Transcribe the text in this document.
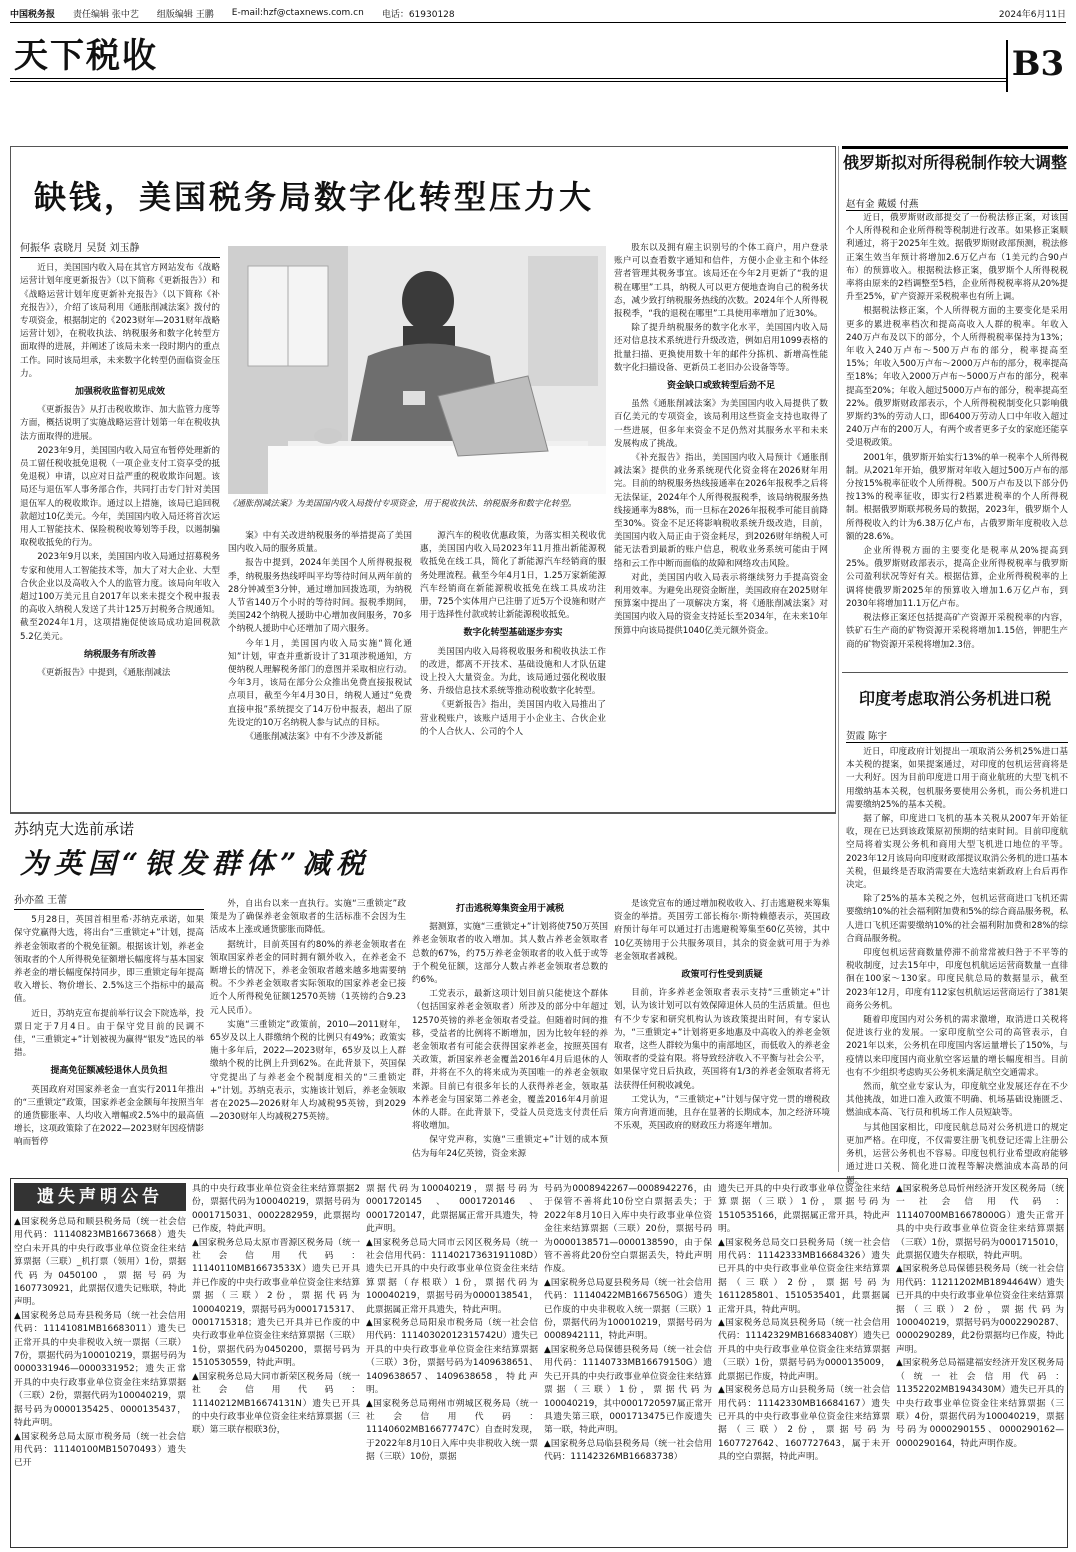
中国税务报 责任编辑 张中艺 组版编辑 王鹏 E-mail:hzf@ctaxnews.com.cn 电话：61930128	2024年6月11日
天下税收	B3
缺钱，美国税务局数字化转型压力大
何振华 袁晓月 吴贤 刘玉静

近日，美国国内收入局在其官方网站发布《战略运营计划年度更新报告》（以下简称《更新报告》）和《战略运营计划年度更新补充报告》（以下简称《补充报告》），介绍了该局利用《通胀削减法案》拨付的专项资金，根据制定的《2023财年—2031财年战略运营计划》，在税收执法、纳税服务和数字化转型方面取得的进展，并阐述了该局未来一段时期内的重点工作。同时该局坦承，未来数字化转型仍面临资金压力。

加强税收监督初见成效

《更新报告》从打击税收欺诈、加大监管力度等方面，概括说明了实施战略运营计划第一年在税收执法方面取得的进展。

2023年9月，美国国内收入局宣布暂停处理新的员工留任税收抵免退税（一项企业支付工资享受的抵免退税）申请，以应对日益严重的税收欺诈问题。该局还与退伍军人事务部合作，共同打击专门针对美国退伍军人的税收欺诈。通过以上措施，该局已追回税款超过10亿美元。今年，美国国内收入局还将首次运用人工智能技术、保险税税收筹划等手段，以遏制骗取税收抵免的行为。

2023年9月以来，美国国内收入局通过招募税务专家和使用人工智能技术等，加大了对大企业、大型合伙企业以及高收入个人的监管力度。该局向年收入超过100万美元且自2017年以来未提交个税申报表的高收入纳税人发送了共计125万封税务合规通知。截至2024年1月，这项措施促使该局成功追回税款5.2亿美元。

纳税服务有所改善

《更新报告》中提到，《通胀削减法

《通胀削减法案》为美国国内收入局拨付专项资金，用于税收执法、纳税服务和数字化转型。

案》中有关改进纳税服务的举措提高了美国国内收入局的服务质量。

报告中提到，2024年美国个人所得税报税季，纳税服务热线呼叫平均等待时间从两年前的28分钟减至3分钟，通过增加回拨选项，为纳税人节省140万个小时的等待时间。报税季期间，美国242个纳税人援助中心增加夜间服务，70多个纳税人援助中心还增加了周六服务。

今年1月，美国国内收入局实施“简化通知”计划，审查并重新设计了31项涉税通知，方便纳税人理解税务部门的意图并采取相应行动。今年3月，该局在部分公众推出免费直接报税试点项目，截至今年4月30日，纳税人通过“免费直接申报”系统提交了14万份申报表，超出了原先设定的10万名纳税人参与试点的目标。

《通胀削减法案》中有不少涉及新能

源汽车的税收优惠政策，为落实相关税收优惠，美国国内收入局2023年11月推出新能源税收抵免在线工具，简化了新能源汽车经销商的服务处理流程。截至今年4月1日，1.25万家新能源汽车经销商在新能源税收抵免在线工具成功注册，725个实体用户已注册了近5万个设施和财产用于选择性付款或转让新能源税收抵免。

数字化转型基础逐步夯实

美国国内收入局将税收服务和税收执法工作的改进，都离不开技术、基础设施和人才队伍建设上投入大量资金。为此，该局通过强化税收服务、升级信息技术系统等推动税收数字化转型。

《更新报告》指出，美国国内收入局推出了营业税账户，该账户适用于小企业主、合伙企业的个人合伙人、公司的个人

股东以及拥有雇主识别号的个体工商户，用户登录账户可以查看数字通知和信件，方便小企业主和个体经营者管理其税务事宜。该局还在今年2月更新了“我的退税在哪里”工具，纳税人可以更方便地查询自己的税务状态，减少致打纳税服务热线的次数。2024年个人所得税报税季，“我的退税在哪里”工具使用率增加了近30%。

除了提升纳税服务的数字化水平，美国国内收入局还对信息技术系统进行升级改造，例如启用1099表格的批量扫描、更换使用数十年的邮件分拣机、新增高性能数字化扫描设备、更新员工老旧办公设备等等。

资金缺口或致转型后劲不足

虽然《通胀削减法案》为美国国内收入局提供了数百亿美元的专项资金，该局利用这些资金支持也取得了一些进展，但多年来资金不足仍然对其服务水平和未来发展构成了挑战。

《补充报告》指出，美国国内收入局预计《通胀削减法案》提供的业务系统现代化资金将在2026财年用完。目前的纳税服务热线接通率在2026年报税季之后将无法保证，2024年个人所得税报税季，该局纳税服务热线接通率为88%，而一旦标在2026年报税季可能目前降至30%。资金不足还将影响税收系统升级改造，目前，美国国内收入局正由于资金耗尽，到2026财年纳税人可能无法看到最新的账户信息，税收业务系统可能由于网络和云工作中断而面临的故障和网络攻击风险。

对此，美国国内收入局表示将继续努力手提高资金利用效率。为避免出现资金断崖，美国政府在2025财年预算案中提出了一项解决方案，将《通胀削减法案》对美国国内收入局的资金支持延长至2034年，在未来10年预算中向该局提供1040亿美元额外资金。

俄罗斯拟对所得税制作较大调整
赵有金 戴媛 付燕

近日，俄罗斯财政部提交了一份税法修正案，对该国个人所得税和企业所得税等税制进行改革。如果修正案顺利通过，将于2025年生效。据俄罗斯财政部预测，税法修正案生效当年预计将增加2.6万亿卢布（1美元约合90卢布）的预算收入。根据税法修正案，俄罗斯个人所得税税率将由原来的2档调整至5档，企业所得税税率将从20%提升至25%，矿产资源开采税税率也有所上调。

根据税法修正案，个人所得税方面的主要变化是采用更多的累进税率档次和提高高收入人群的税率。年收入240万卢布及以下的部分，个人所得税税率保持为13%；年收入240万卢布～500万卢布的部分，税率提高至15%；年收入500万卢布～2000万卢布的部分，税率提高至18%；年收入2000万卢布～5000万卢布的部分，税率提高至20%；年收入超过5000万卢布的部分，税率提高至22%。俄罗斯财政部表示，个人所得税税制变化只影响俄罗斯约3%的劳动人口，即6400万劳动人口中年收入超过240万卢布的200万人，有两个或者更多子女的家庭还能享受退税政策。

2001年，俄罗斯开始实行13%的单一税率个人所得税制。从2021年开始，俄罗斯对年收入超过500万卢布的部分按15%税率征收个人所得税。500万卢布及以下部分仍按13%的税率征收，即实行2档累进税率的个人所得税制。根据俄罗斯联邦税务局的数据，2023年，俄罗斯个人所得税收入约计为6.38万亿卢布，占俄罗斯年度税收入总额的28.6%。

企业所得税方面的主要变化是税率从20%提高到25%。俄罗斯财政部表示，提高企业所得税税率与俄罗斯公司盈利状况等好有关。根据估算，企业所得税税率的上调将使俄罗斯2025年的预算收入增加1.6万亿卢布，到2030年将增加11.1万亿卢布。

税法修正案还包括提高矿产资源开采税税率的内容，铁矿石生产商的矿物资源开采税将增加1.15倍，钾肥生产商的矿物资源开采税将增加2.3倍。

印度考虑取消公务机进口税
贺霞 陈宇

近日，印度政府计划提出一项取消公务机25%进口基本关税的提案，如果提案通过，对印度的包机运营商将是一大利好。因为目前印度进口用于商业航班的大型飞机不用缴纳基本关税，包机服务要使用公务机，而公务机进口需要缴纳25%的基本关税。

据了解，印度进口飞机的基本关税从2007年开始征收，现在已达到该政策原初预期的结束时间。目前印度航空局将着实现公务机和商用大型飞机进口地位的平等。2023年12月该局向印度财政部提议取消公务机的进口基本关税，但最终是否取消需要在大选结束新政府上台后再作决定。

除了25%的基本关税之外，包机运营商进口飞机还需要缴纳10%的社会福利附加费和5%的综合商品服务税，私人进口飞机还需要缴纳10%的社会福利附加费和28%的综合商品服务税。

印度包机运营商数量停滞不前常常被归咎于不平等的税收制度，过去15年中，印度包机航运运营商数量一直徘徊在100家～130家。印度民航总局的数据显示，截至2023年12月，印度有112家包机航运运营商运行了381架商务公务机。

随着印度国内对公务机的需求激增，取消进口关税将促进该行业的发展。一家印度航空公司的高管表示，自2021年以来，公务机在印度国内客运量增长了150%，与疫情以来印度国内商业航空客运量的增长幅度相当。目前也有不少组织考虑购买公务机来满足航空交通需求。

然而，航空业专家认为，印度航空业发展还存在不少其他挑战，如进口准入政策不明确、机场基础设施匮乏、燃油成本高、飞行员和机场工作人员短缺等。

与其他国家相比，印度民航总局对公务机进口的规定更加严格。在印度，不仅需要注册飞机登记还需上注册公务机，运营公务机也不容易。印度包机行业希望政府能够通过进口关税、简化进口流程等解决燃油成本高昂的问题。

苏纳克大选前承诺
为英国“银发群体”减税
孙亦盈 王蕾

5月28日，英国首相里希·苏纳克承诺，如果保守党赢得大选，将出台“三重锁定+”计划，提高养老金领取者的个税免征额。根据该计划，养老金领取者的个人所得税免征额增长幅度将与基本国家养老金的增长幅度保持同步，即三重锁定每年提高收入增长、物价增长、2.5%这三个指标中的最高值。

近日，苏纳克宣布提前举行议会下院选举，投票日定于7月4日。由于保守党目前的民调不佳，“三重锁定+”计划被视为赢得“银发”选民的举措。

提高免征额减轻退休人员负担

英国政府对国家养老金一直实行2011年推出的“三重锁定”政策，国家养老金金额每年按照当年的通货膨胀率、人均收入增幅或2.5%中的最高值增长，这项政策除了在2022—2023财年因疫情影响而暂停

外，自出台以来一直执行。实施“三重锁定”政策是为了确保养老金领取者的生活标准不会因为生活成本上涨或通货膨胀而降低。

据统计，目前英国有约80%的养老金领取者在领取国家养老金的同时拥有额外收入，在养老金不断增长的情况下，养老金领取者越来越多地需要纳税。不少养老金领取者实际领取的国家养老金已接近个人所得税免征额12570英镑（1英镑约合9.23元人民币）。

实施“三重锁定”政策前，2010—2011财年，65岁及以上人群缴纳个税的比例只有49%；政策实施十多年后，2022—2023财年，65岁及以上人群缴纳个税的比例上升到62%。在此背景下，英国保守党提出了与养老金个税制度相关的“三重锁定+”计划。苏纳克表示，实施该计划后，养老金领取者在2025—2026财年人均减税95英镑，到2029—2030财年人均减税275英镑。

打击逃税筹集资金用于减税

据测算，实施“三重锁定+”计划将使750万英国养老金领取者的收入增加。其人数占养老金领取者总数的67%，约75万养老金领取者的收入低于或等于个税免征额，这部分人数占养老金领取者总数的约6%。

工党表示，最新这项计划目前只能使这个群体（包括国家养老金领取者）所涉及的部分中年超过12570英镑的养老金领取者受益。但随着时间的推移，受益者的比例将不断增加，因为比较年轻的养老金领取者有可能会获得国家养老金，按照英国有关政策，新国家养老金覆盖2016年4月后退休的人群，并将在不久的将来成为英国唯一的养老金领取来源。目前已有很多年长的人获得养老金，领取基本养老金与国家第二养老金，覆盖2016年4月前退休的人群。在此背景下，受益人员竞选支付责任后将收增加。

保守党声称，实施“三重锁定+”计划的成本预估为每年24亿英镑，资金来源

是该党宣布的通过增加税收收入、打击逃避税来筹集资金的举措。英国劳工部长梅尔·斯特赖德表示，英国政府预计每年可以通过打击逃避税筹集至60亿英镑，其中10亿英镑用于公共服务项目，其余的资金就可用于为养老金领取者减税。

政策可行性受到质疑

目前，许多养老金领取者表示支持“三重锁定+”计划，认为该计划可以有效保障退休人员的生活质量。但也有不少专家和研究机构认为该政策提出时间，有专家认为，“三重锁定+”计划将更多地惠及中高收入的养老金领取者，这些人群较为集中的南部地区，而低收入的养老金领取者的受益有限。将导致经济收入不平衡与社会公平，如果保守党日后执政，英国将有1/3的养老金领取者将无法获得任何税收减免。

工党认为，“三重锁定+”计划与保守党一贯的增税政策方向背道而驰，且存在显著的长期成本，加之经济环境不乐观，英国政府的财政压力将逐年增加。

遗失声明公告

▲国家税务总局和顺县税务局（统一社会信用代码：11140823MB16673668）遗失空白未开具的中央行政事业单位资金往来结算票据（三联）_机打票（领用）1份，票据代码为0450100，票据号码为1607730921，此票据仅遗失记账联，特此声明。

▲国家税务总局寿县税务局（统一社会信用代码：11141081MB16683011）遗失已正常开具的中央非税收入统一票据（三联）7份，票据代码为100010219，票据号码为0000331946—0000331952；遗失正常开具的中央行政事业单位资金往来结算票据（三联）2份，票据代码为100040219，票据号码为0000135425、0000135437，特此声明。

▲国家税务总局太原市税务局（统一社会信用代码：11140100MB15070493）遗失已开

具的中央行政事业单位资金往来结算票据2份，票据代码为100040219，票据号码为0001715031、0002282959，此票据均已作废，特此声明。

▲国家税务总局太原市晋源区税务局（统一社会信用代码：11140110MB16673533X）遗失已开具并已作废的中央行政事业单位资金往来结算票据（三联）2份，票据代码为100040219，票据号码为0001715317、0001715318；遗失已开具并已作废的中央行政事业单位资金往来结算票据（三联）1份，票据代码为0450200，票据号码为1510530559，特此声明。

▲国家税务总局大同市新荣区税务局（统一社会信用代码：11140212MB16674131N）遗失已开具的中央行政事业单位资金往来结算票据（三联）第三联存根联3份，

票据代码为100040219，票据号码为0001720145、0001720146、0001720147，此票据属正常开具遗失，特此声明。

▲国家税务总局大同市云冈区税务局（统一社会信用代码：11140217363191108D）遗失已开具的中央行政事业单位资金往来结算票据（存根联）1份，票据代码为100040219，票据号码为0000138541，此票据属正常开具遗失，特此声明。

▲国家税务总局阳泉市税务局（统一社会信用代码：11140302012315742U）遗失已开具的中央行政事业单位资金往来结算票据（三联）3份，票据号码为1409638651、1409638657、1409638658，特此声明。

▲国家税务总局朔州市朔城区税务局（统一社会信用代码：11140602MB16677747C）自查时发现，于2022年8月10日入库中央非税收入统一票据（三联）10份，票据

号码为0008942267—0008942276，由于保管不善将此10份空白票据丢失；于2022年8月10日入库中央行政事业单位资金往来结算票据（三联）20份，票据号码为0000138571—0000138590，由于保管不善将此20份空白票据丢失，特此声明作废。

▲国家税务总局夏县税务局（统一社会信用代码：11140422MB16675650G）遗失已作废的中央非税收入统一票据（三联）1份，票据代码为100010219，票据号码为0008942111，特此声明。

▲国家税务总局保德县税务局（统一社会信用代码：11140733MB16679150G）遗失已开具的中央行政事业单位资金往来结算票据（三联）1份，票据代码为100040219，其中0001720597属正常开具遗失第三联，0001713475已作废遗失第一联，特此声明。

▲国家税务总局临县税务局（统一社会信用代码：11142326MB16683738）

遗失已开具的中央行政事业单位资金往来结算票据（三联）1份，票据号码为1510535166，此票据属正常开具，特此声明。

▲国家税务总局交口县税务局（统一社会信用代码：11142333MB16684326）遗失已开具的中央行政事业单位资金往来结算票据（三联）2份，票据号码为1611285801、1510535401，此票据属正常开具，特此声明。

▲国家税务总局岚县税务局（统一社会信用代码：11142329MB16683408Y）遗失已开具的中央行政事业单位资金往来结算票据（三联）1份，票据号码为0000135009，此票据已作废，特此声明。

▲国家税务总局方山县税务局（统一社会信用代码：11142330MB16684167）遗失已开具的中央行政事业单位资金往来结算票据（三联）2份，票据号码为1607727642、1607727643，属于未开具的空白票据，特此声明。

▲国家税务总局忻州经济开发区税务局（统一社会信用代码：11140700MB16678000G）遗失正常开具的中央行政事业单位资金往来结算票据（三联）1份，票据号码为0001715010，此票据仅遗失存根联，特此声明。

▲国家税务总局保德县税务局（统一社会信用代码：11211202MB1894464W）遗失已开具的中央行政事业单位资金往来结算票据（三联）2份，票据代码为100040219，票据号码为0002290287、0000290289，此2份票据均已作废，特此声明。

▲国家税务总局福建福安经济开发区税务局（统一社会信用代码：11352202MB1943430M）遗失已开具的中央行政事业单位资金往来结算票据（三联）4份，票据代码为100040219，票据号码为0000290155、0000290162—0000290164，特此声明作废。
